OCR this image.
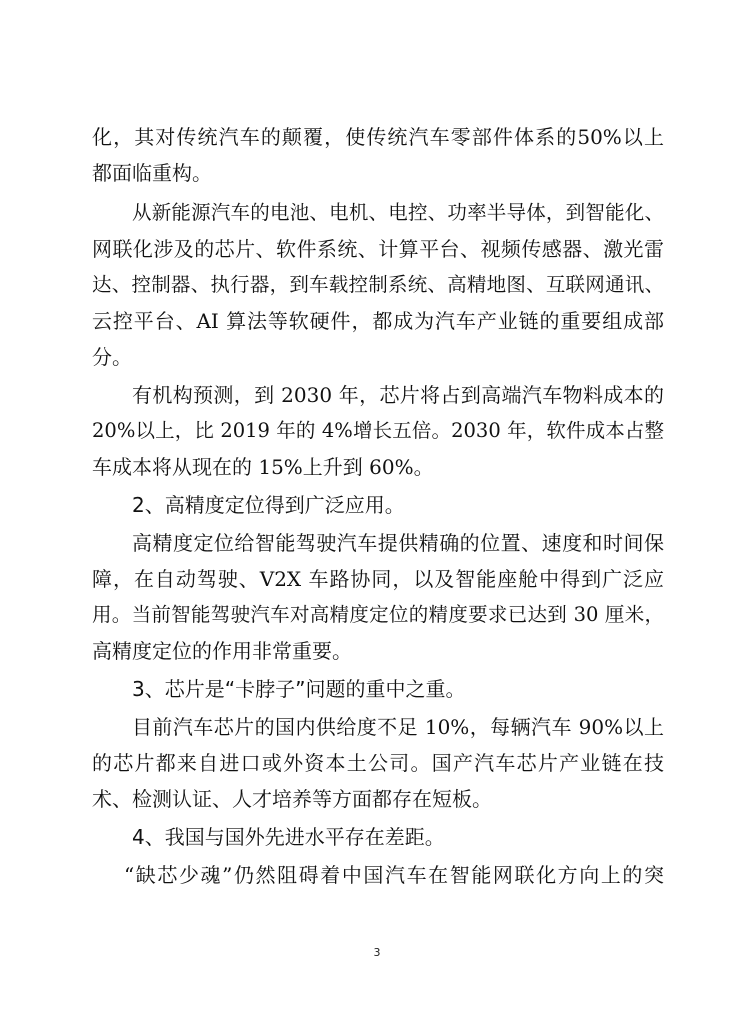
化，其对传统汽车的颠覆，使传统汽车零部件体系的50%以上
都面临重构。
从新能源汽车的电池、电机、电控、功率半导体，到智能化、
网联化涉及的芯片、软件系统、计算平台、视频传感器、激光雷
达、控制器、执行器，到车载控制系统、高精地图、互联网通讯、
云控平台、AI 算法等软硬件，都成为汽车产业链的重要组成部
分。
有机构预测，到 2030 年，芯片将占到高端汽车物料成本的
20%以上，比 2019 年的 4%增长五倍。2030 年，软件成本占整
车成本将从现在的 15%上升到 60%。
2、高精度定位得到广泛应用。
高精度定位给智能驾驶汽车提供精确的位置、速度和时间保
障，在自动驾驶、V2X 车路协同，以及智能座舱中得到广泛应
用。当前智能驾驶汽车对高精度定位的精度要求已达到 30 厘米，
高精度定位的作用非常重要。
3、芯片是“卡脖子”问题的重中之重。
目前汽车芯片的国内供给度不足 10%，每辆汽车 90%以上
的芯片都来自进口或外资本土公司。国产汽车芯片产业链在技
术、检测认证、人才培养等方面都存在短板。
4、我国与国外先进水平存在差距。
“缺芯少魂”仍然阻碍着中国汽车在智能网联化方向上的突
3
